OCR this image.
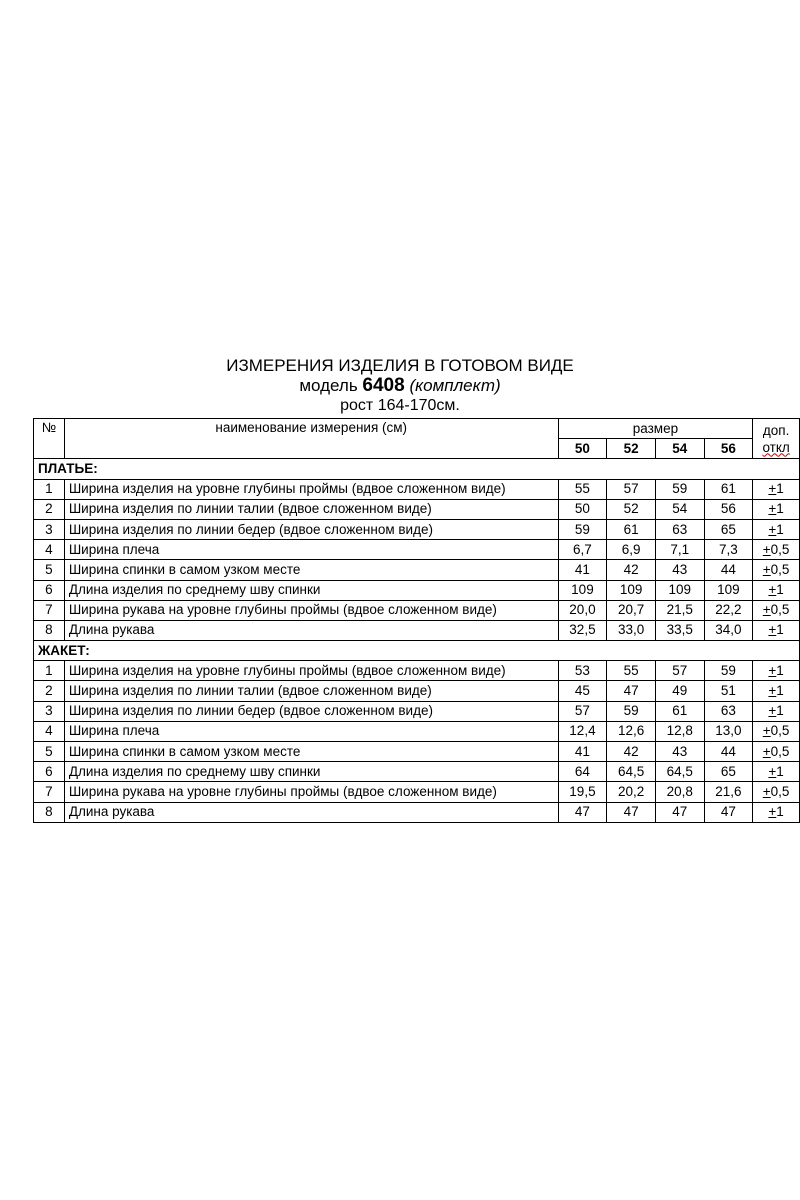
ИЗМЕРЕНИЯ ИЗДЕЛИЯ В ГОТОВОМ ВИДЕ
модель 6408 (комплект)
рост 164-170см.
№	наименование измерения (см)	размер				доп.
откл

		50	52	54	56	
ПЛАТЬЕ:						
1	Ширина изделия на уровне глубины проймы (вдвое сложенном виде)	55	57	59	61	+1
2	Ширина изделия по линии талии (вдвое сложенном виде)	50	52	54	56	+1
3	Ширина изделия по линии бедер (вдвое сложенном виде)	59	61	63	65	+1
4	Ширина плеча	6,7	6,9	7,1	7,3	+0,5
5	Ширина спинки в самом узком месте	41	42	43	44	+0,5
6	Длина изделия по среднему шву спинки	109	109	109	109	+1
7	Ширина рукава на уровне глубины проймы (вдвое сложенном виде)	20,0	20,7	21,5	22,2	+0,5
8	Длина рукава	32,5	33,0	33,5	34,0	+1
ЖАКЕТ:						
1	Ширина изделия на уровне глубины проймы (вдвое сложенном виде)	53	55	57	59	+1
2	Ширина изделия по линии талии (вдвое сложенном виде)	45	47	49	51	+1
3	Ширина изделия по линии бедер (вдвое сложенном виде)	57	59	61	63	+1
4	Ширина плеча	12,4	12,6	12,8	13,0	+0,5
5	Ширина спинки в самом узком месте	41	42	43	44	+0,5
6	Длина изделия по среднему шву спинки	64	64,5	64,5	65	+1
7	Ширина рукава на уровне глубины проймы (вдвое сложенном виде)	19,5	20,2	20,8	21,6	+0,5
8	Длина рукава	47	47	47	47	+1
